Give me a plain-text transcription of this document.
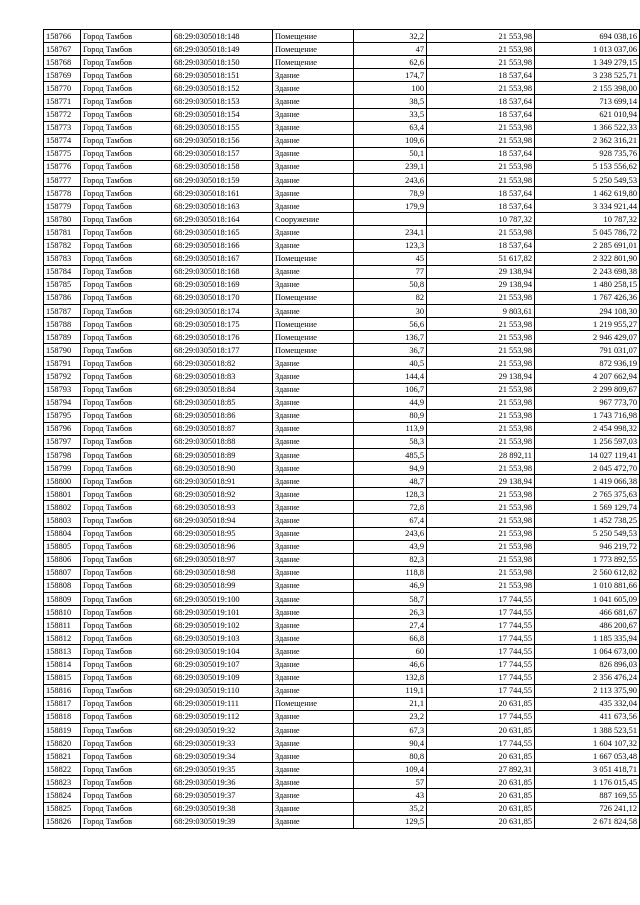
158766	Город Тамбов	68:29:0305018:148	Помещение	32,2	21 553,98	694 038,16
158767	Город Тамбов	68:29:0305018:149	Помещение	47	21 553,98	1 013 037,06
158768	Город Тамбов	68:29:0305018:150	Помещение	62,6	21 553,98	1 349 279,15
158769	Город Тамбов	68:29:0305018:151	Здание	174,7	18 537,64	3 238 525,71
158770	Город Тамбов	68:29:0305018:152	Здание	100	21 553,98	2 155 398,00
158771	Город Тамбов	68:29:0305018:153	Здание	38,5	18 537,64	713 699,14
158772	Город Тамбов	68:29:0305018:154	Здание	33,5	18 537,64	621 010,94
158773	Город Тамбов	68:29:0305018:155	Здание	63,4	21 553,98	1 366 522,33
158774	Город Тамбов	68:29:0305018:156	Здание	109,6	21 553,98	2 362 316,21
158775	Город Тамбов	68:29:0305018:157	Здание	50,1	18 537,64	928 735,76
158776	Город Тамбов	68:29:0305018:158	Здание	239,1	21 553,98	5 153 556,62
158777	Город Тамбов	68:29:0305018:159	Здание	243,6	21 553,98	5 250 549,53
158778	Город Тамбов	68:29:0305018:161	Здание	78,9	18 537,64	1 462 619,80
158779	Город Тамбов	68:29:0305018:163	Здание	179,9	18 537,64	3 334 921,44
158780	Город Тамбов	68:29:0305018:164	Сооружение		10 787,32	10 787,32
158781	Город Тамбов	68:29:0305018:165	Здание	234,1	21 553,98	5 045 786,72
158782	Город Тамбов	68:29:0305018:166	Здание	123,3	18 537,64	2 285 691,01
158783	Город Тамбов	68:29:0305018:167	Помещение	45	51 617,82	2 322 801,90
158784	Город Тамбов	68:29:0305018:168	Здание	77	29 138,94	2 243 698,38
158785	Город Тамбов	68:29:0305018:169	Здание	50,8	29 138,94	1 480 258,15
158786	Город Тамбов	68:29:0305018:170	Помещение	82	21 553,98	1 767 426,36
158787	Город Тамбов	68:29:0305018:174	Здание	30	9 803,61	294 108,30
158788	Город Тамбов	68:29:0305018:175	Помещение	56,6	21 553,98	1 219 955,27
158789	Город Тамбов	68:29:0305018:176	Помещение	136,7	21 553,98	2 946 429,07
158790	Город Тамбов	68:29:0305018:177	Помещение	36,7	21 553,98	791 031,07
158791	Город Тамбов	68:29:0305018:82	Здание	40,5	21 553,98	872 936,19
158792	Город Тамбов	68:29:0305018:83	Здание	144,4	29 138,94	4 207 662,94
158793	Город Тамбов	68:29:0305018:84	Здание	106,7	21 553,98	2 299 809,67
158794	Город Тамбов	68:29:0305018:85	Здание	44,9	21 553,98	967 773,70
158795	Город Тамбов	68:29:0305018:86	Здание	80,9	21 553,98	1 743 716,98
158796	Город Тамбов	68:29:0305018:87	Здание	113,9	21 553,98	2 454 998,32
158797	Город Тамбов	68:29:0305018:88	Здание	58,3	21 553,98	1 256 597,03
158798	Город Тамбов	68:29:0305018:89	Здание	485,5	28 892,11	14 027 119,41
158799	Город Тамбов	68:29:0305018:90	Здание	94,9	21 553,98	2 045 472,70
158800	Город Тамбов	68:29:0305018:91	Здание	48,7	29 138,94	1 419 066,38
158801	Город Тамбов	68:29:0305018:92	Здание	128,3	21 553,98	2 765 375,63
158802	Город Тамбов	68:29:0305018:93	Здание	72,8	21 553,98	1 569 129,74
158803	Город Тамбов	68:29:0305018:94	Здание	67,4	21 553,98	1 452 738,25
158804	Город Тамбов	68:29:0305018:95	Здание	243,6	21 553,98	5 250 549,53
158805	Город Тамбов	68:29:0305018:96	Здание	43,9	21 553,98	946 219,72
158806	Город Тамбов	68:29:0305018:97	Здание	82,3	21 553,98	1 773 892,55
158807	Город Тамбов	68:29:0305018:98	Здание	118,8	21 553,98	2 560 612,82
158808	Город Тамбов	68:29:0305018:99	Здание	46,9	21 553,98	1 010 881,66
158809	Город Тамбов	68:29:0305019:100	Здание	58,7	17 744,55	1 041 605,09
158810	Город Тамбов	68:29:0305019:101	Здание	26,3	17 744,55	466 681,67
158811	Город Тамбов	68:29:0305019:102	Здание	27,4	17 744,55	486 200,67
158812	Город Тамбов	68:29:0305019:103	Здание	66,8	17 744,55	1 185 335,94
158813	Город Тамбов	68:29:0305019:104	Здание	60	17 744,55	1 064 673,00
158814	Город Тамбов	68:29:0305019:107	Здание	46,6	17 744,55	826 896,03
158815	Город Тамбов	68:29:0305019:109	Здание	132,8	17 744,55	2 356 476,24
158816	Город Тамбов	68:29:0305019:110	Здание	119,1	17 744,55	2 113 375,90
158817	Город Тамбов	68:29:0305019:111	Помещение	21,1	20 631,85	435 332,04
158818	Город Тамбов	68:29:0305019:112	Здание	23,2	17 744,55	411 673,56
158819	Город Тамбов	68:29:0305019:32	Здание	67,3	20 631,85	1 388 523,51
158820	Город Тамбов	68:29:0305019:33	Здание	90,4	17 744,55	1 604 107,32
158821	Город Тамбов	68:29:0305019:34	Здание	80,8	20 631,85	1 667 053,48
158822	Город Тамбов	68:29:0305019:35	Здание	109,4	27 892,31	3 051 418,71
158823	Город Тамбов	68:29:0305019:36	Здание	57	20 631,85	1 176 015,45
158824	Город Тамбов	68:29:0305019:37	Здание	43	20 631,85	887 169,55
158825	Город Тамбов	68:29:0305019:38	Здание	35,2	20 631,85	726 241,12
158826	Город Тамбов	68:29:0305019:39	Здание	129,5	20 631,85	2 671 824,58
